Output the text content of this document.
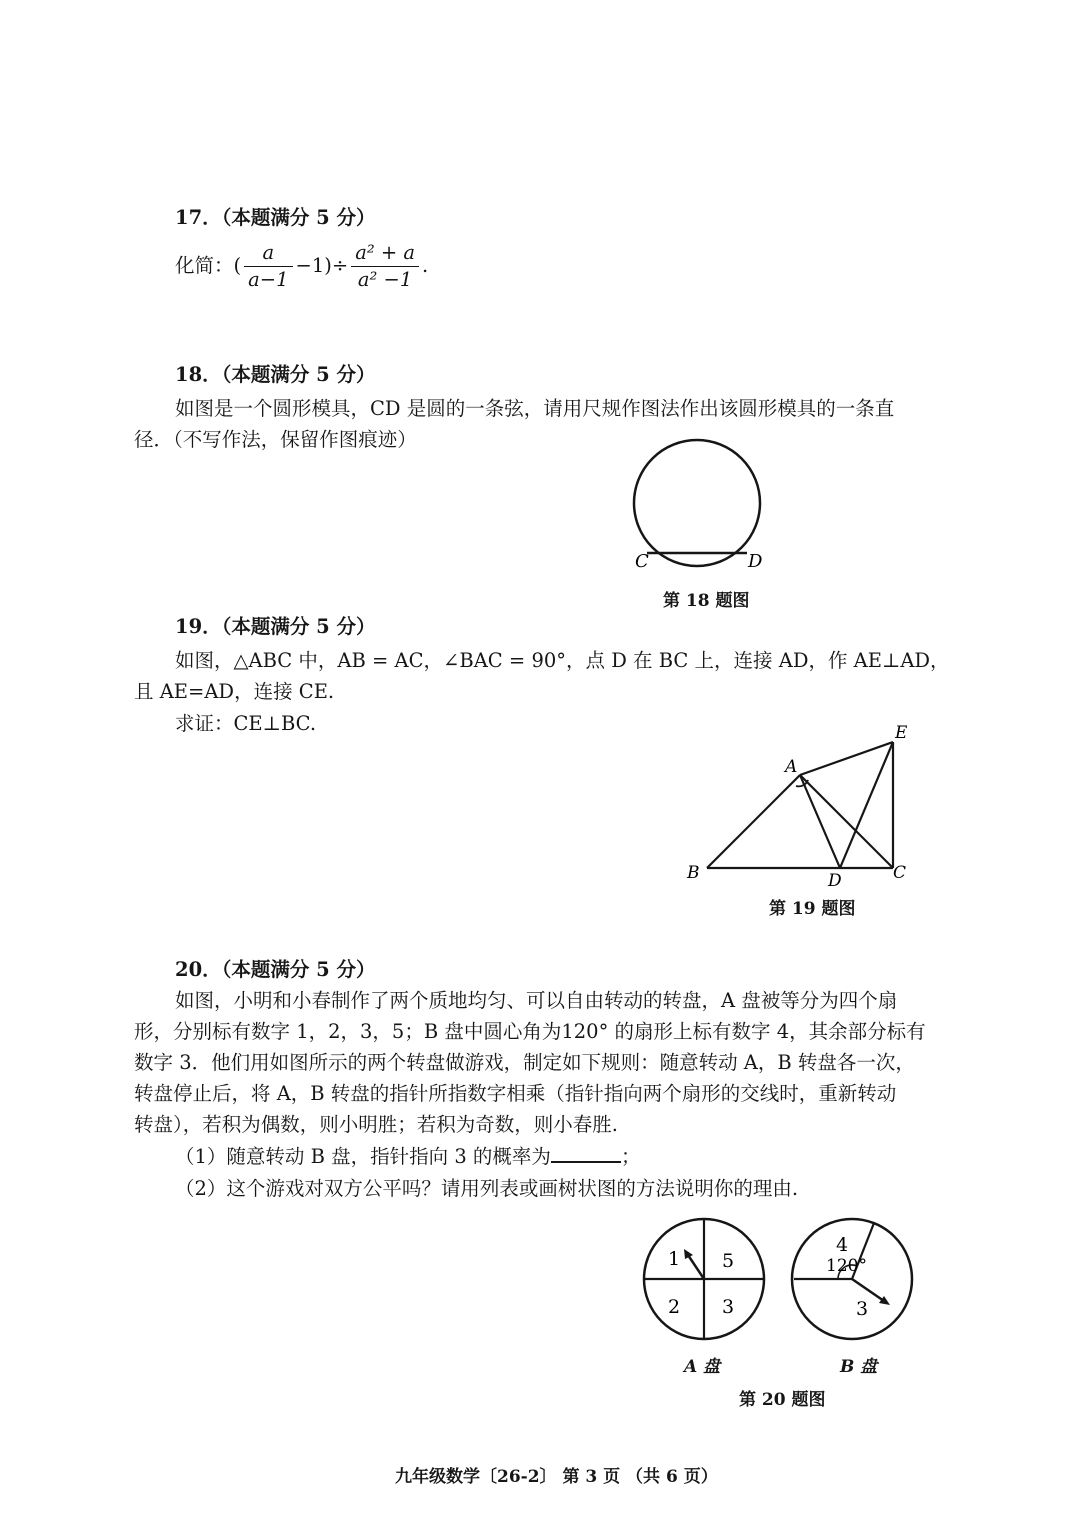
17．（本题满分 5 分）
化简：( $\frac{a}{a-1} -1)\div \frac{\text{a² + a}}{\text{a² −1}}$ .
18．（本题满分 5 分）
如图是一个圆形模具，CD 是圆的一条弦，请用尺规作图法作出该圆形模具的一条直
径．（不写作法，保留作图痕迹）
C	D
第 18 题图
19．（本题满分 5 分）
如图，△ABC 中，AB = AC，∠BAC = 90°，点 D 在 BC 上，连接 AD，作 AE⊥AD，
且 AE=AD，连接 CE.
求证：CE⊥BC.
A
B	C
D
E
第 19 题图
20．（本题满分 5 分）
如图，小明和小春制作了两个质地均匀、可以自由转动的转盘，A 盘被等分为四个扇
形，分别标有数字 1，2，3，5；B 盘中圆心角为120° 的扇形上标有数字 4，其余部分标有
数字 3．他们用如图所示的两个转盘做游戏，制定如下规则：随意转动 A，B 转盘各一次，
转盘停止后，将 A，B 转盘的指针所指数字相乘（指针指向两个扇形的交线时，重新转动
转盘），若积为偶数，则小明胜；若积为奇数，则小春胜.
（1）随意转动 B 盘，指针指向 3 的概率为	；
（2）这个游戏对双方公平吗？请用列表或画树状图的方法说明你的理由.
1 5
2 3
4
120°
3
A 盘	B 盘
第 20 题图
九年级数学〔26-2〕 第 3 页 （共 6 页）
